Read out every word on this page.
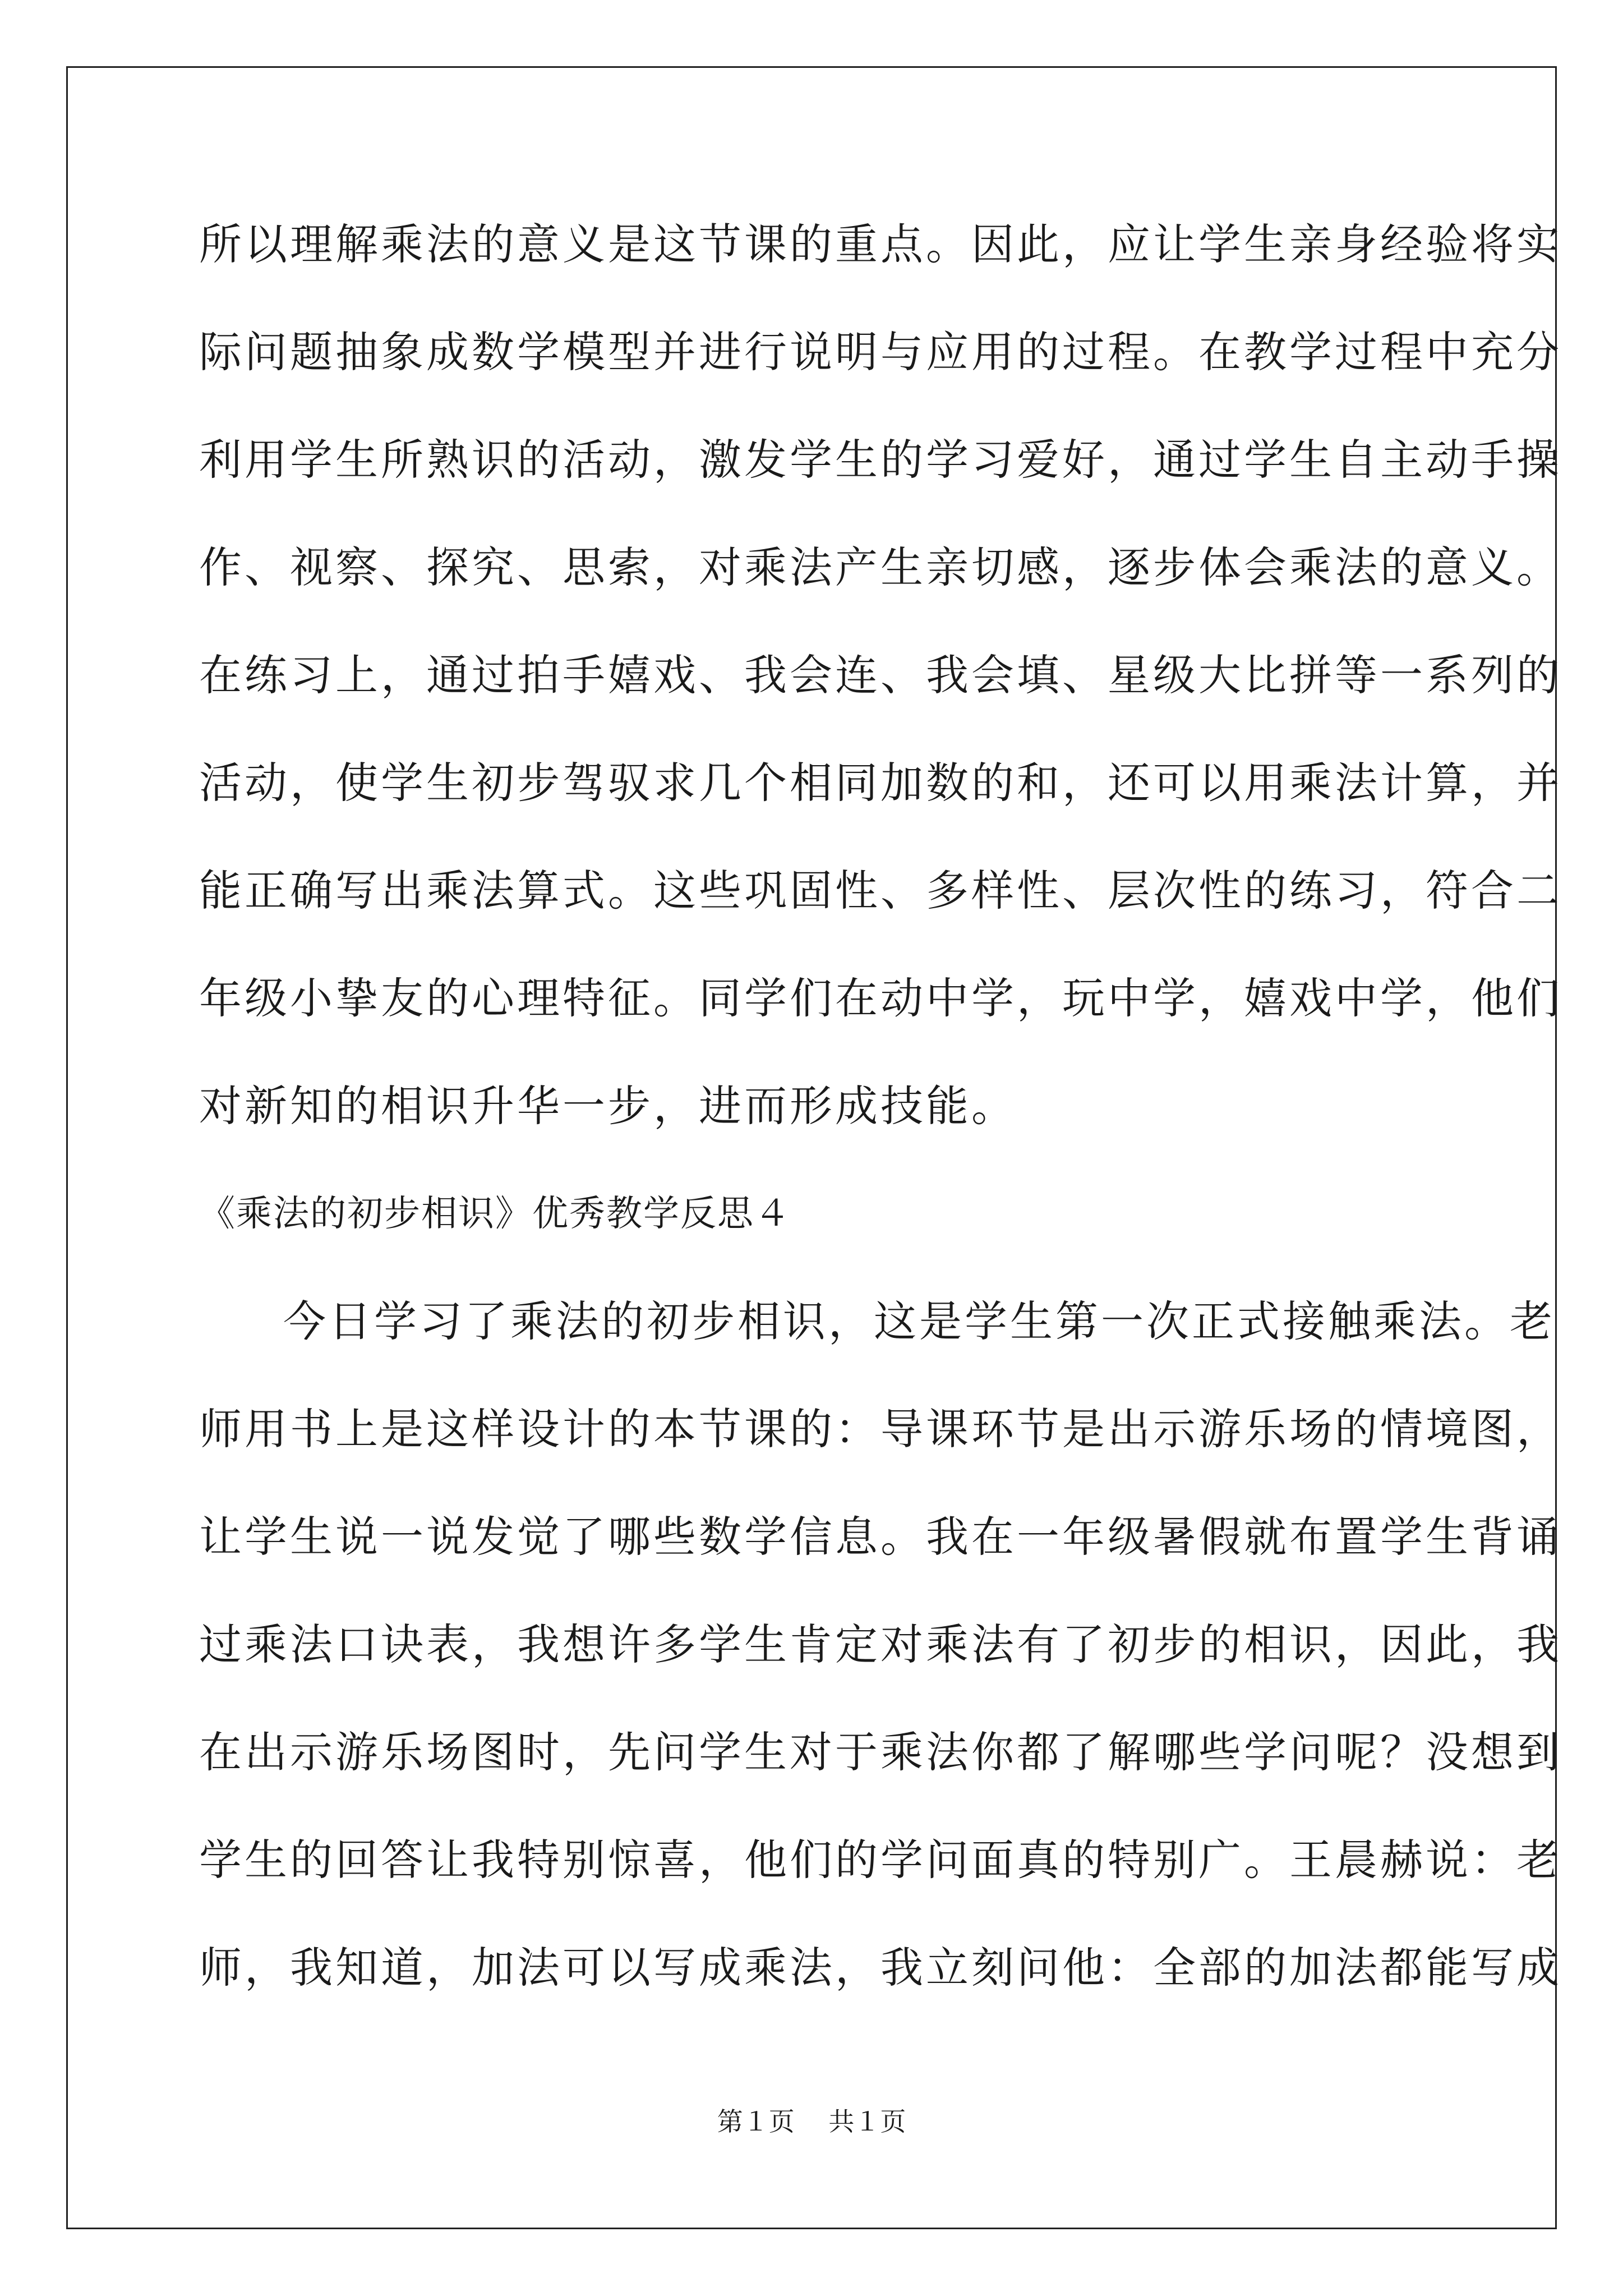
所以理解乘法的意义是这节课的重点。因此，应让学生亲身经验将实
际问题抽象成数学模型并进行说明与应用的过程。在教学过程中充分
利用学生所熟识的活动，激发学生的学习爱好，通过学生自主动手操
作、视察、探究、思索，对乘法产生亲切感，逐步体会乘法的意义。
在练习上，通过拍手嬉戏、我会连、我会填、星级大比拼等一系列的
活动，使学生初步驾驭求几个相同加数的和，还可以用乘法计算，并
能正确写出乘法算式。这些巩固性、多样性、层次性的练习，符合二
年级小挚友的心理特征。同学们在动中学，玩中学，嬉戏中学，他们
对新知的相识升华一步，进而形成技能。
《乘法的初步相识》优秀教学反思４
今日学习了乘法的初步相识，这是学生第一次正式接触乘法。老
师用书上是这样设计的本节课的：导课环节是出示游乐场的情境图，
让学生说一说发觉了哪些数学信息。我在一年级暑假就布置学生背诵
过乘法口诀表，我想许多学生肯定对乘法有了初步的相识，因此，我
在出示游乐场图时，先问学生对于乘法你都了解哪些学问呢？没想到
学生的回答让我特别惊喜，他们的学问面真的特别广。王晨赫说：老
师，我知道，加法可以写成乘法，我立刻问他：全部的加法都能写成
第１页 共１页
